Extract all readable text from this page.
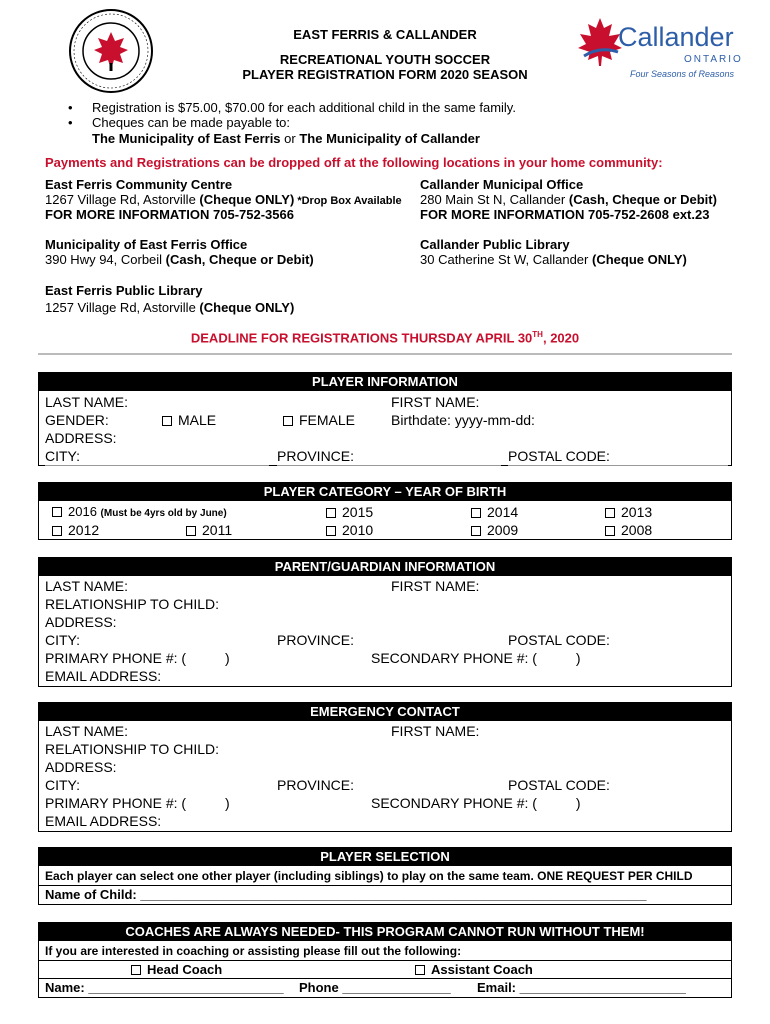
EAST FERRIS & CALLANDER
RECREATIONAL YOUTH SOCCER
PLAYER REGISTRATION FORM 2020 SEASON
Callander
ONTARIO
Four Seasons of Reasons
• Registration is $75.00, $70.00 for each additional child in the same family.
• Cheques can be made payable to:
The Municipality of East Ferris or The Municipality of Callander
Payments and Registrations can be dropped off at the following locations in your home community:
East Ferris Community Centre
1267 Village Rd, Astorville (Cheque ONLY) *Drop Box Available
FOR MORE INFORMATION 705-752-3566
Callander Municipal Office
280 Main St N, Callander (Cash, Cheque or Debit)
FOR MORE INFORMATION 705-752-2608 ext.23
Municipality of East Ferris Office
390 Hwy 94, Corbeil (Cash, Cheque or Debit)
Callander Public Library
30 Catherine St W, Callander (Cheque ONLY)
East Ferris Public Library
1257 Village Rd, Astorville (Cheque ONLY)
DEADLINE FOR REGISTRATIONS THURSDAY APRIL 30TH, 2020
PLAYER INFORMATION
LAST NAME:	FIRST NAME:
GENDER:	MALE	FEMALE	Birthdate: yyyy-mm-dd:
ADDRESS:
CITY:	PROVINCE:	POSTAL CODE:
PLAYER CATEGORY – YEAR OF BIRTH
2016 (Must be 4yrs old by June)	2015	2014	2013
2012	2011	2010	2009	2008
PARENT/GUARDIAN INFORMATION
LAST NAME:	FIRST NAME:
RELATIONSHIP TO CHILD:
ADDRESS:
CITY:	PROVINCE:	POSTAL CODE:
PRIMARY PHONE #: (          )	SECONDARY PHONE #: (          )
EMAIL ADDRESS:
EMERGENCY CONTACT
LAST NAME:	FIRST NAME:
RELATIONSHIP TO CHILD:
ADDRESS:
CITY:	PROVINCE:	POSTAL CODE:
PRIMARY PHONE #: (          )	SECONDARY PHONE #: (          )
EMAIL ADDRESS:
PLAYER SELECTION
Each player can select one other player (including siblings) to play on the same team. ONE REQUEST PER CHILD
Name of Child: ______________________________________________________________________
COACHES ARE ALWAYS NEEDED- THIS PROGRAM CANNOT RUN WITHOUT THEM!
If you are interested in coaching or assisting please fill out the following:
Head Coach	Assistant Coach
Name: ___________________________ Phone _______________ Email: _______________________
